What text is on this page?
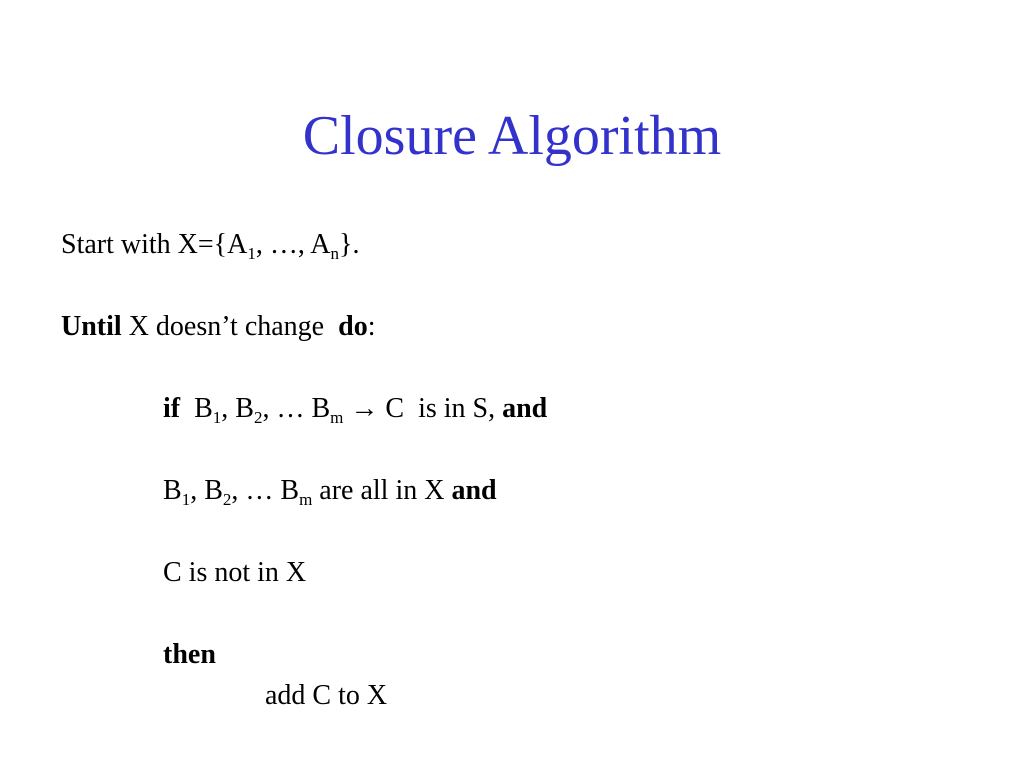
Closure Algorithm
Start with $X=\{A_1$, …, $A_n$}.
Until X doesn’t change  do:
if  $B_1$, $B_2$, … $B_m \to C$  is in S, and
$B_1$, $B_2$, … $B_m$ are all in X and
C is not in X
then
add C to X
